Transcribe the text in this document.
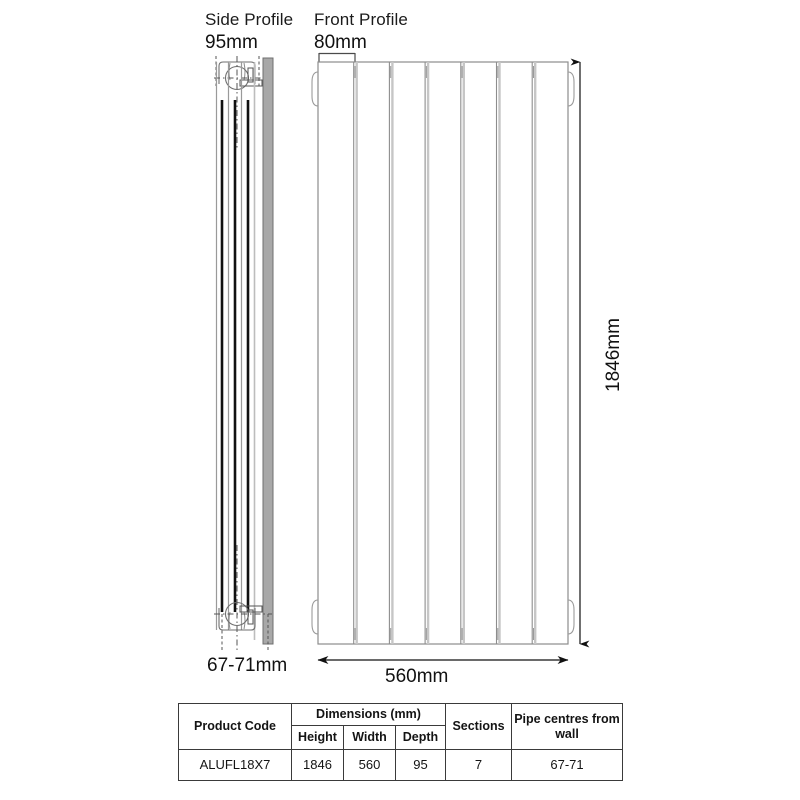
Side Profile Front Profile
95mm	80mm
1846mm
560mm
67-71mm
Product Code	Dimensions (mm)			Sections	Pipe centres from wall
	Height	Width	Depth		
ALUFL18X7	1846	560	95	7	67-71
